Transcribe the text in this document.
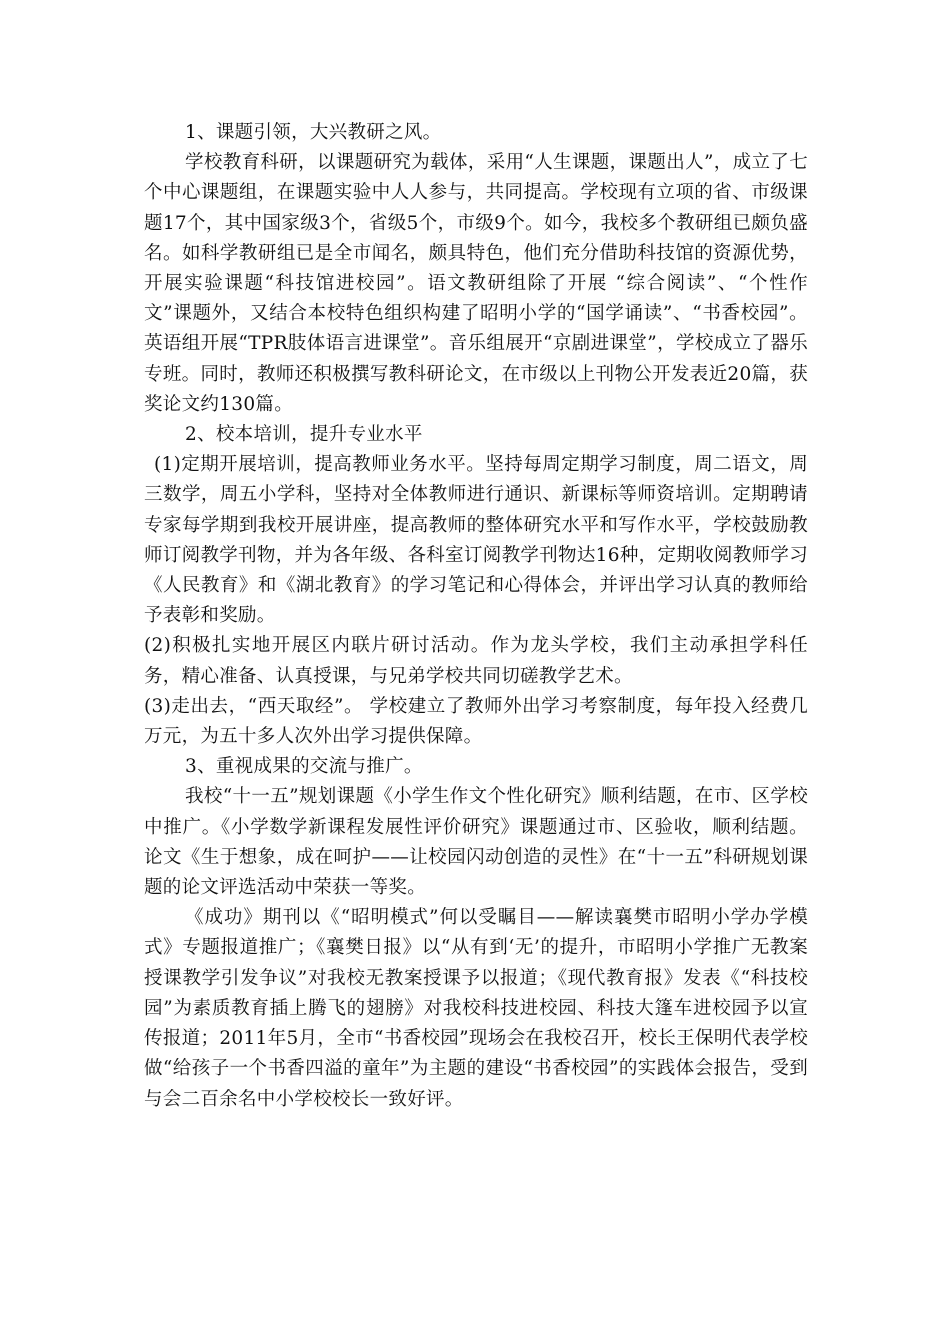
1、课题引领，大兴教研之风。

学校教育科研，以课题研究为载体，采用“人生课题，课题出人”，成立了七个中心课题组，在课题实验中人人参与，共同提高。学校现有立项的省、市级课题17个，其中国家级3个，省级5个，市级9个。如今，我校多个教研组已颇负盛名。如科学教研组已是全市闻名，颇具特色，他们充分借助科技馆的资源优势，开展实验课题“科技馆进校园”。语文教研组除了开展 “综合阅读”、“个性作文”课题外，又结合本校特色组织构建了昭明小学的“国学诵读”、“书香校园”。英语组开展“TPR肢体语言进课堂”。音乐组展开“京剧进课堂”，学校成立了器乐专班。同时，教师还积极撰写教科研论文，在市级以上刊物公开发表近20篇，获奖论文约130篇。

2、校本培训，提升专业水平

(1)定期开展培训，提高教师业务水平。坚持每周定期学习制度，周二语文，周三数学，周五小学科，坚持对全体教师进行通识、新课标等师资培训。定期聘请专家每学期到我校开展讲座，提高教师的整体研究水平和写作水平，学校鼓励教师订阅教学刊物，并为各年级、各科室订阅教学刊物达16种，定期收阅教师学习《人民教育》和《湖北教育》的学习笔记和心得体会，并评出学习认真的教师给予表彰和奖励。

(2)积极扎实地开展区内联片研讨活动。作为龙头学校，我们主动承担学科任务，精心准备、认真授课，与兄弟学校共同切磋教学艺术。

(3)走出去，“西天取经”。 学校建立了教师外出学习考察制度，每年投入经费几万元，为五十多人次外出学习提供保障。

3、重视成果的交流与推广。

我校“十一五”规划课题《小学生作文个性化研究》顺利结题，在市、区学校中推广。《小学数学新课程发展性评价研究》课题通过市、区验收，顺利结题。论文《生于想象，成在呵护——让校园闪动创造的灵性》在“十一五”科研规划课题的论文评选活动中荣获一等奖。

《成功》期刊以《“昭明模式”何以受瞩目——解读襄樊市昭明小学办学模式》专题报道推广；《襄樊日报》以“从有到‘无’的提升，市昭明小学推广无教案授课教学引发争议”对我校无教案授课予以报道；《现代教育报》发表《“科技校园”为素质教育插上腾飞的翅膀》对我校科技进校园、科技大篷车进校园予以宣传报道；2011年5月，全市“书香校园”现场会在我校召开，校长王保明代表学校做“给孩子一个书香四溢的童年”为主题的建设“书香校园”的实践体会报告，受到与会二百余名中小学校校长一致好评。
